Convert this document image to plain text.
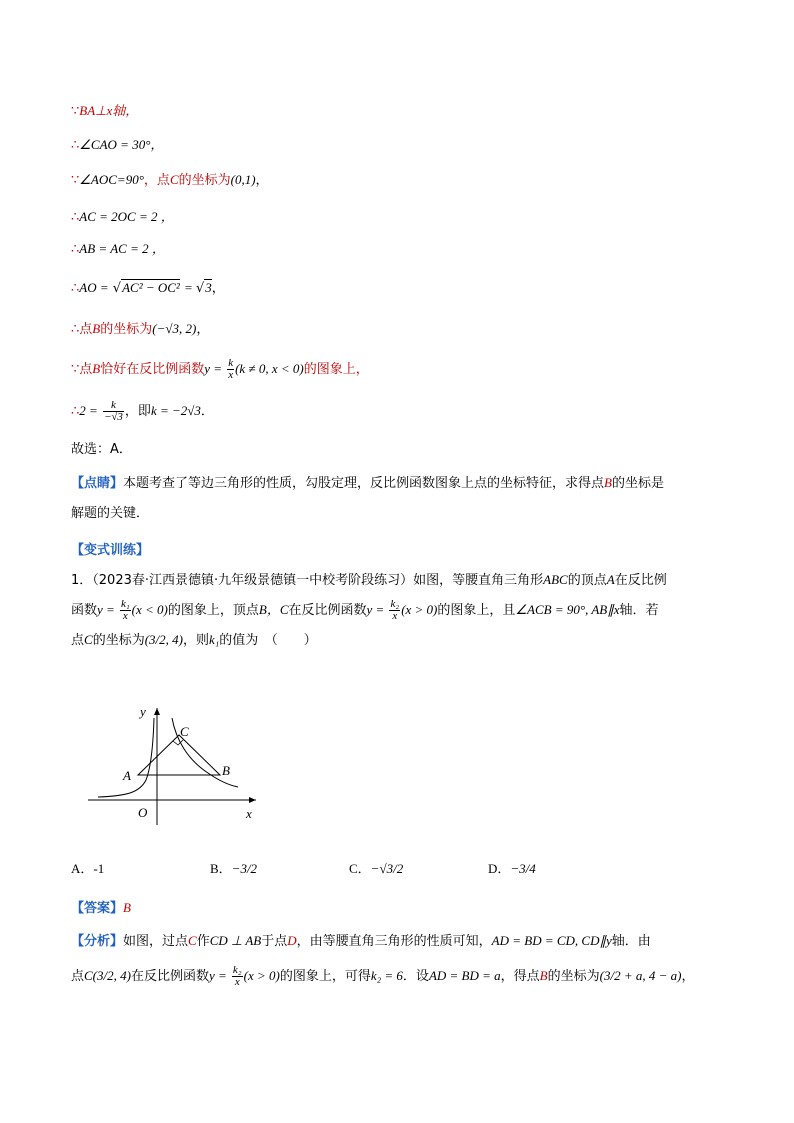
∵BA⊥x轴，
∴∠CAO = 30°，
∵∠AOC=90°，点C的坐标为(0,1)，
∴AC = 2OC = 2 ，
∴AB = AC = 2 ，
∴AO = √AC² − OC² = √3，
∴点B的坐标为(−√3, 2)，
∵点B恰好在反比例函数$y = \frac{k}{x} (k \ne 0$, x < 0)的图象上，
∴2 = $\frac{k}{-√3}$ ，即k = −2√3．
故选：A．
【点睛】本题考查了等边三角形的性质，勾股定理，反比例函数图象上点的坐标特征，求得点B的坐标是
解题的关键．
【变式训练】
1．（2023春·江西景德镇·九年级景德镇一中校考阶段练习）如图，等腰直角三角形ABC的顶点A在反比例
函数$y = \frac{\text{k₁}}{x} (x < 0)$的图象上，顶点B，C在反比例函数$y = \frac{\text{k₂}}{x} (x > 0)$的图象上，且∠ACB = 90°, AB∥x轴．若
点C的坐标为(3/2, 4)，则k₁的值为　（　　）
y
x
O
A	B
C
A．-1	B．−3/2	C．−√3/2	D．−3/4
【答案】B
【分析】如图，过点C作CD ⊥ AB于点D，由等腰直角三角形的性质可知，AD = BD = CD, CD∥y轴．由
点C(3/2, 4)在反比例函数$y = \frac{\text{k₂}}{x} (x > 0)$的图象上，可得k₂ = 6．设AD = BD = a，得点B的坐标为(3/2 + a, 4 − a)，
